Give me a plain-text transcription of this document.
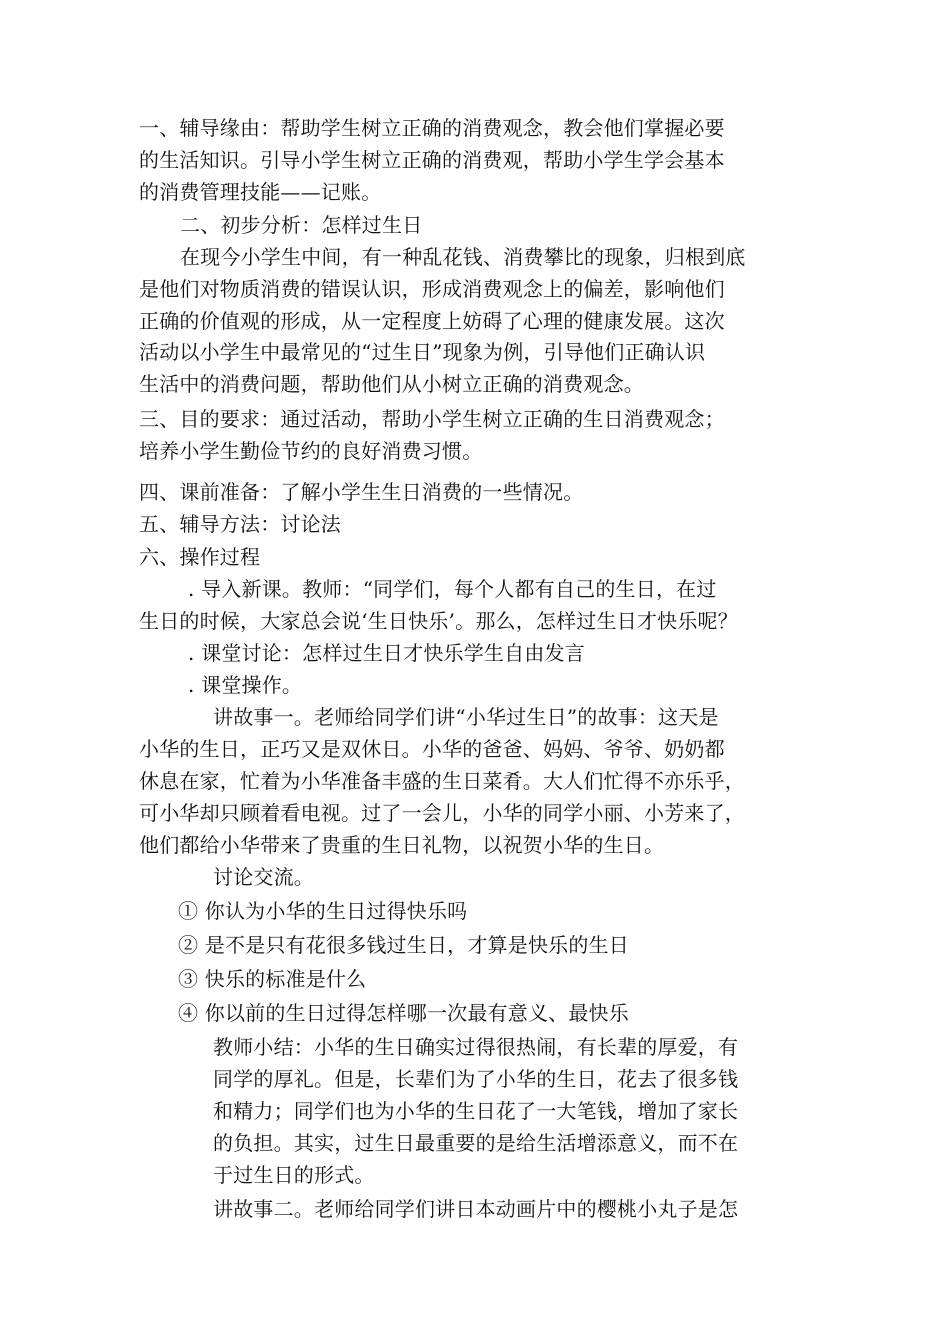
一、辅导缘由：帮助学生树立正确的消费观念，教会他们掌握必要
的生活知识。引导小学生树立正确的消费观，帮助小学生学会基本
的消费管理技能——记账。
二、初步分析：怎样过生日
在现今小学生中间，有一种乱花钱、消费攀比的现象，归根到底
是他们对物质消费的错误认识，形成消费观念上的偏差，影响他们
正确的价值观的形成，从一定程度上妨碍了心理的健康发展。这次
活动以小学生中最常见的“过生日”现象为例，引导他们正确认识
生活中的消费问题，帮助他们从小树立正确的消费观念。
三、目的要求：通过活动，帮助小学生树立正确的生日消费观念；
培养小学生勤俭节约的良好消费习惯。
四、课前准备：了解小学生生日消费的一些情况。
五、辅导方法：讨论法
六、操作过程
. 导入新课。教师：“同学们，每个人都有自己的生日，在过
生日的时候，大家总会说‘生日快乐’。那么，怎样过生日才快乐呢？
. 课堂讨论：怎样过生日才快乐学生自由发言
. 课堂操作。
讲故事一。老师给同学们讲“小华过生日”的故事：这天是
小华的生日，正巧又是双休日。小华的爸爸、妈妈、爷爷、奶奶都
休息在家，忙着为小华准备丰盛的生日菜肴。大人们忙得不亦乐乎，
可小华却只顾着看电视。过了一会儿，小华的同学小丽、小芳来了，
他们都给小华带来了贵重的生日礼物，以祝贺小华的生日。
讨论交流。
① 你认为小华的生日过得快乐吗
② 是不是只有花很多钱过生日，才算是快乐的生日
③ 快乐的标准是什么
④ 你以前的生日过得怎样哪一次最有意义、最快乐
教师小结：小华的生日确实过得很热闹，有长辈的厚爱，有
同学的厚礼。但是，长辈们为了小华的生日，花去了很多钱
和精力；同学们也为小华的生日花了一大笔钱，增加了家长
的负担。其实，过生日最重要的是给生活增添意义，而不在
于过生日的形式。
讲故事二。老师给同学们讲日本动画片中的樱桃小丸子是怎
